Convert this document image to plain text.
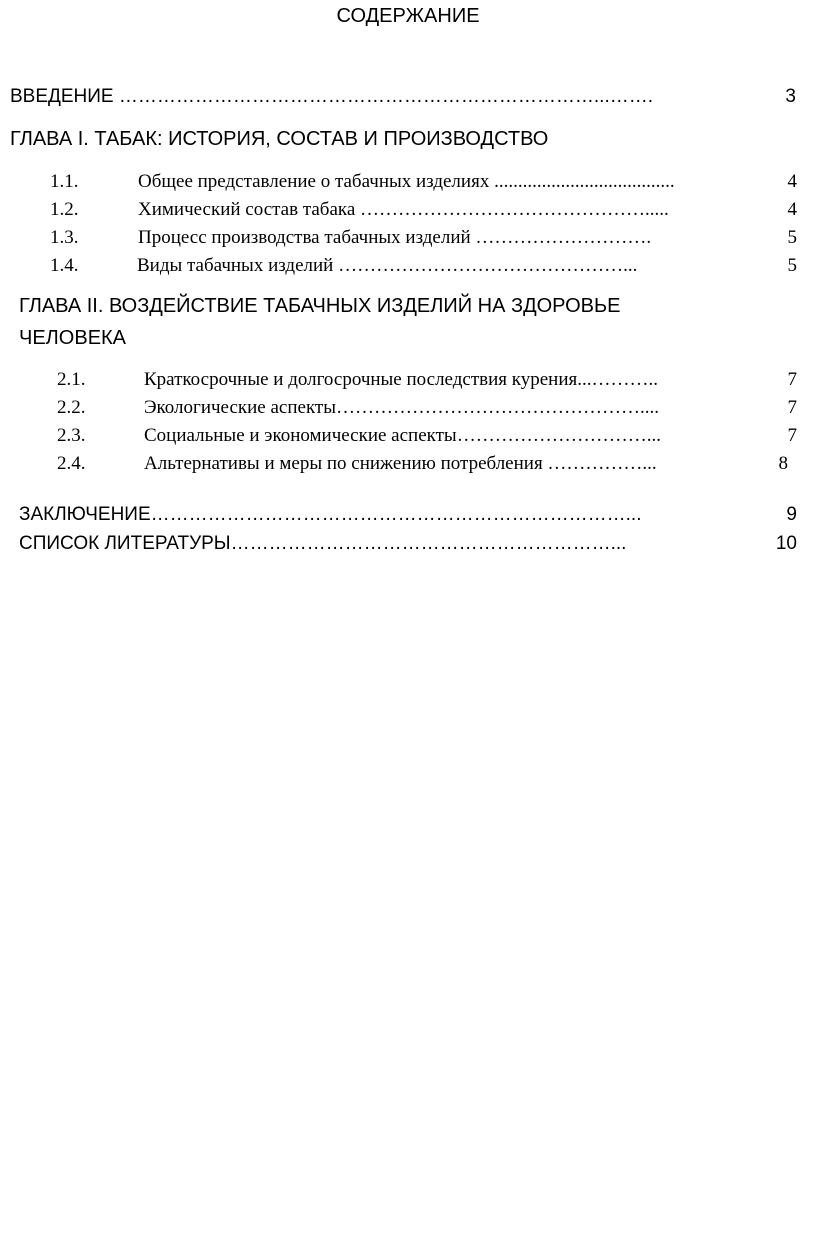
СОДЕРЖАНИЕ
ВВЕДЕНИЕ …………………………………………………………………...…….	3
ГЛАВА I. ТАБАК: ИСТОРИЯ, СОСТАВ И ПРОИЗВОДСТВО
1.1.	Общее представление о табачных изделиях ......................................	4
1.2.	Химический состав табака ……………………………………….....	4
1.3.	Процесс производства табачных изделий ……………………….	5
1.4.	Виды табачных изделий ………………………………………...	5
ГЛАВА II. ВОЗДЕЙСТВИЕ ТАБАЧНЫХ ИЗДЕЛИЙ НА ЗДОРОВЬЕ
ЧЕЛОВЕКА
2.1.	Краткосрочные и долгосрочные последствия курения...………..	7
2.2.	Экологические аспекты…………………………………………....	7
2.3.	Социальные и экономические аспекты…………………………...	7
2.4.	Альтернативы и меры по снижению потребления ……………...	8
ЗАКЛЮЧЕНИЕ…………………………………………………………………...	9
СПИСОК ЛИТЕРАТУРЫ……………………………………………………...	10
